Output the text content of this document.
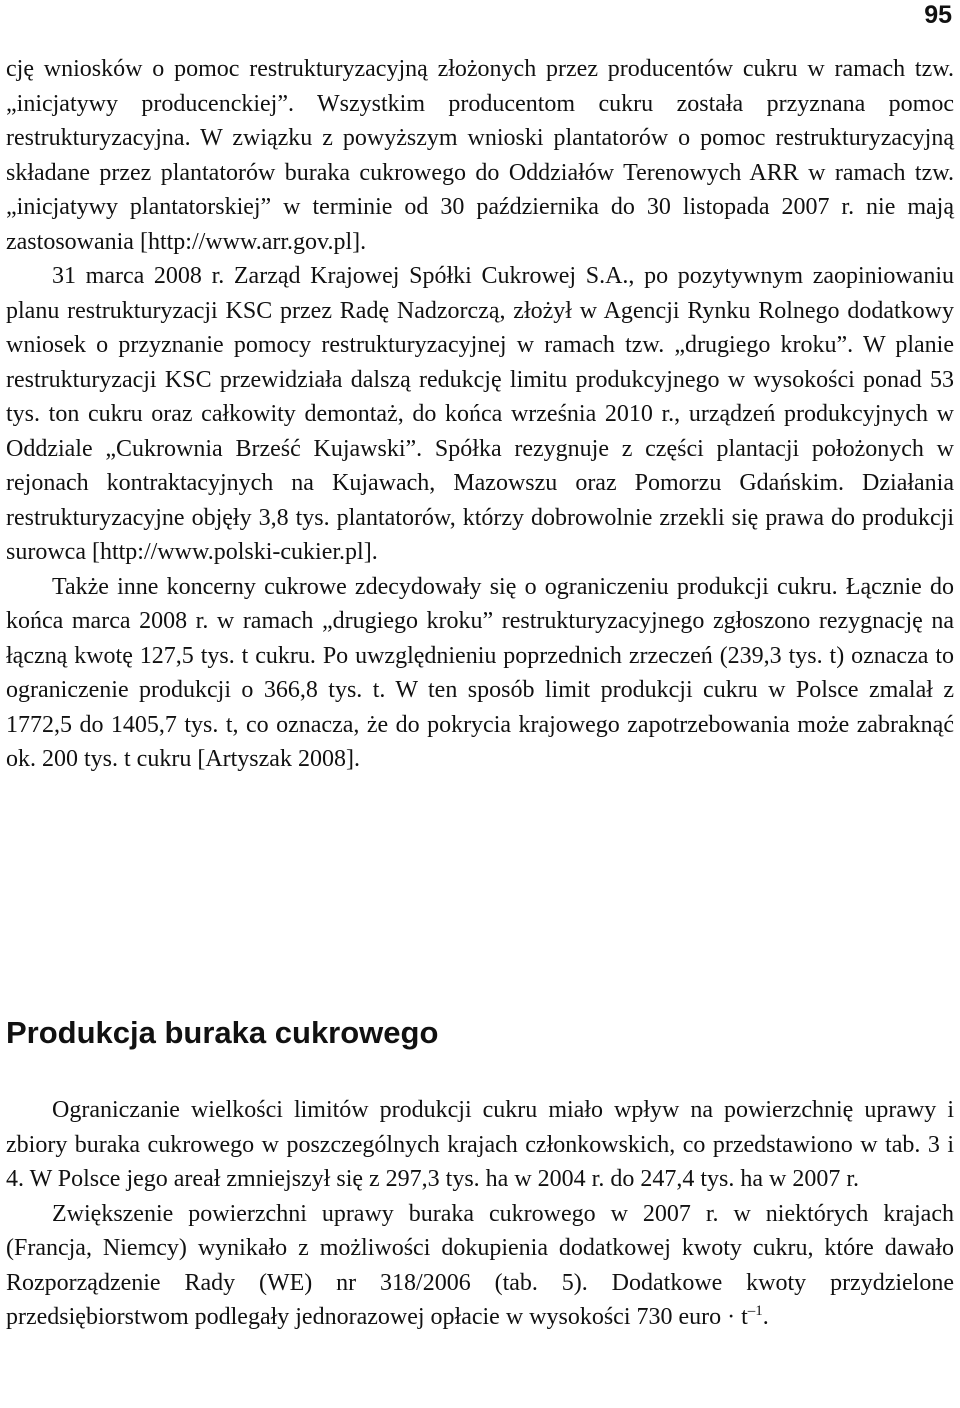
95

cję wniosków o pomoc restrukturyzacyjną złożonych przez producentów cukru w ramach tzw. „inicjatywy producenckiej”. Wszystkim producentom cukru została przyznana pomoc restrukturyzacyjna. W związku z powyższym wnioski plantatorów o pomoc restrukturyzacyjną składane przez plantatorów buraka cukrowego do Oddziałów Terenowych ARR w ramach tzw. „inicjatywy plantatorskiej” w terminie od 30 października do 30 listopada 2007 r. nie mają zastosowania [http://www.arr.gov.pl].

31 marca 2008 r. Zarząd Krajowej Spółki Cukrowej S.A., po pozytywnym zaopiniowaniu planu restrukturyzacji KSC przez Radę Nadzorczą, złożył w Agencji Rynku Rolnego dodatkowy wniosek o przyznanie pomocy restrukturyzacyjnej w ramach tzw. „drugiego kroku”. W planie restrukturyzacji KSC przewidziała dalszą redukcję limitu produkcyjnego w wysokości ponad 53 tys. ton cukru oraz całkowity demontaż, do końca września 2010 r., urządzeń produkcyjnych w Oddziale „Cukrownia Brześć Kujawski”. Spółka rezygnuje z części plantacji położonych w rejonach kontraktacyjnych na Kujawach, Mazowszu oraz Pomorzu Gdańskim. Działania restrukturyzacyjne objęły 3,8 tys. plantatorów, którzy dobrowolnie zrzekli się prawa do produkcji surowca [http://www.polski-cukier.pl].

Także inne koncerny cukrowe zdecydowały się o ograniczeniu produkcji cukru. Łącznie do końca marca 2008 r. w ramach „drugiego kroku” restrukturyzacyjnego zgłoszono rezygnację na łączną kwotę 127,5 tys. t cukru. Po uwzględnieniu poprzednich zrzeczeń (239,3 tys. t) oznacza to ograniczenie produkcji o 366,8 tys. t. W ten sposób limit produkcji cukru w Polsce zmalał z 1772,5 do 1405,7 tys. t, co oznacza, że do pokrycia krajowego zapotrzebowania może zabraknąć ok. 200 tys. t cukru [Artyszak 2008].

Produkcja buraka cukrowego

Ograniczanie wielkości limitów produkcji cukru miało wpływ na powierzchnię uprawy i zbiory buraka cukrowego w poszczególnych krajach członkowskich, co przedstawiono w tab. 3 i 4. W Polsce jego areał zmniejszył się z 297,3 tys. ha w 2004 r. do 247,4 tys. ha w 2007 r.

Zwiększenie powierzchni uprawy buraka cukrowego w 2007 r. w niektórych krajach (Francja, Niemcy) wynikało z możliwości dokupienia dodatkowej kwoty cukru, które dawało Rozporządzenie Rady (WE) nr 318/2006 (tab. 5). Dodatkowe kwoty przydzielone przedsiębiorstwom podlegały jednorazowej opłacie w wysokości 730 euro · $t^{-1}$.
